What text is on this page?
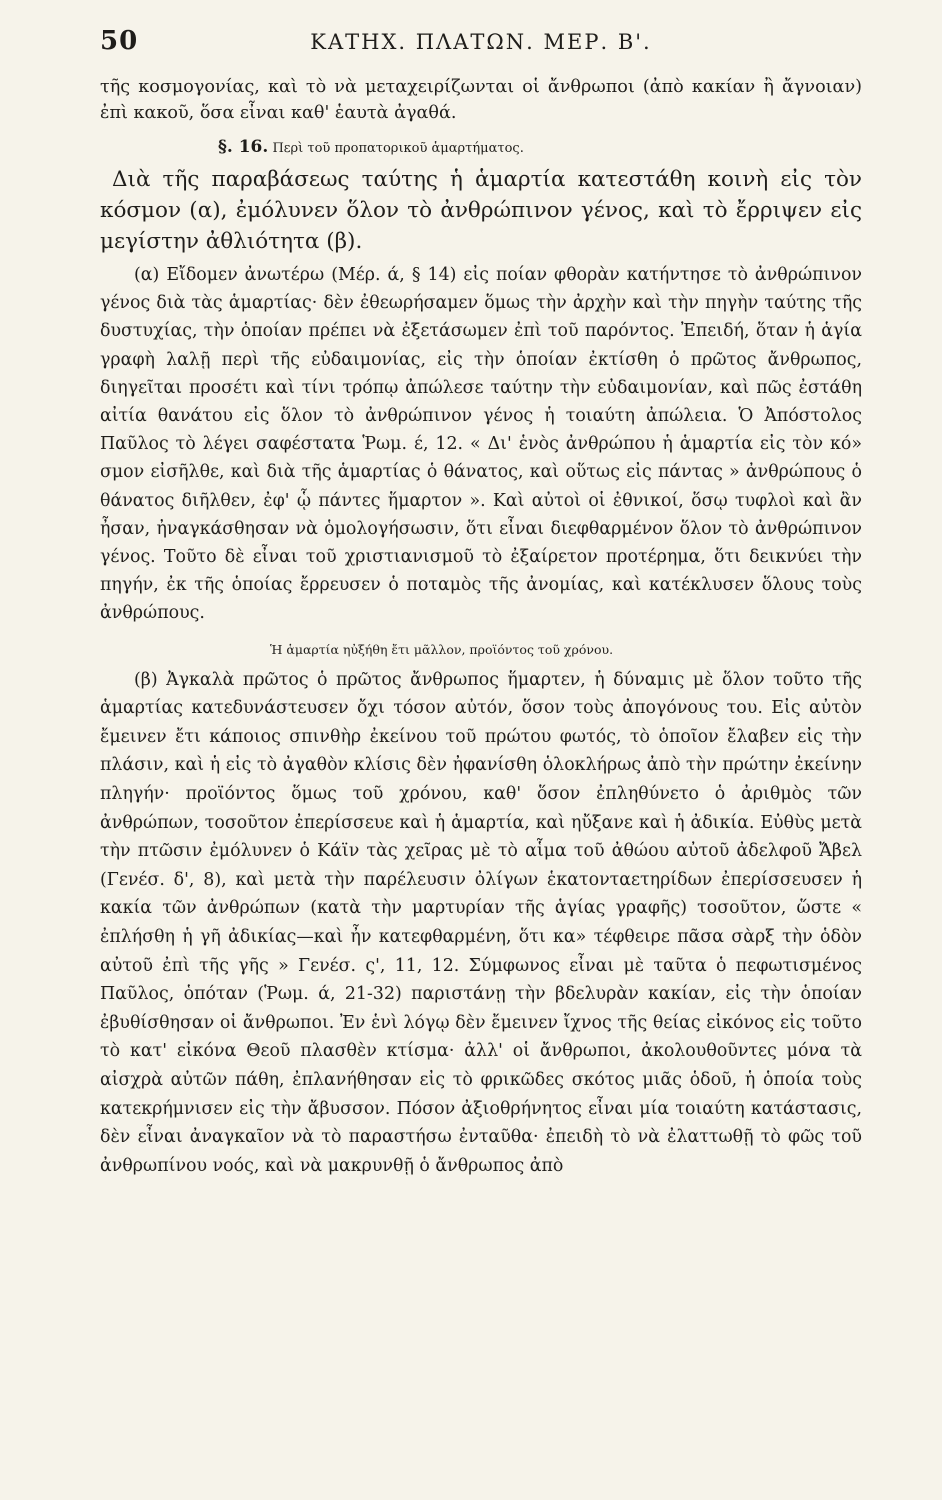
50	ΚΑΤΗΧ. ΠΛΑΤΩΝ. ΜΕΡ. Β'.

τῆς κοσμογονίας, καὶ τὸ νὰ μεταχειρίζωνται οἱ ἄνθρωποι (ἀπὸ κακίαν ἢ ἄγνοιαν) ἐπὶ κακοῦ, ὅσα εἶναι καθ' ἑαυτὰ ἀγαθά.

§. 16. Περὶ τοῦ προπατορικοῦ ἁμαρτήματος.

Διὰ τῆς παραβάσεως ταύτης ἡ ἁμαρτία κατεστάθη κοινὴ εἰς τὸν κόσμον (α), ἐμόλυνεν ὅλον τὸ ἀνθρώπινον γένος, καὶ τὸ ἔρριψεν εἰς μεγίστην ἀθλιότητα (β).

(α) Εἴδομεν ἀνωτέρω (Μέρ. ά, § 14) εἰς ποίαν φθορὰν κατήντησε τὸ ἀνθρώπινον γένος διὰ τὰς ἁμαρτίας· δὲν ἐθεωρήσαμεν ὅμως τὴν ἀρχὴν καὶ τὴν πηγὴν ταύτης τῆς δυστυχίας, τὴν ὁποίαν πρέπει νὰ ἐξετάσωμεν ἐπὶ τοῦ παρόντος. Ἐπειδή, ὅταν ἡ ἁγία γραφὴ λαλῇ περὶ τῆς εὐδαιμονίας, εἰς τὴν ὁποίαν ἐκτίσθη ὁ πρῶτος ἄνθρωπος, διηγεῖται προσέτι καὶ τίνι τρόπῳ ἀπώλεσε ταύτην τὴν εὐδαιμονίαν, καὶ πῶς ἐστάθη αἰτία θανάτου εἰς ὅλον τὸ ἀνθρώπινον γένος ἡ τοιαύτη ἀπώλεια. Ὁ Ἀπόστολος Παῦλος τὸ λέγει σαφέστατα Ῥωμ. έ, 12. « Δι' ἑνὸς ἀνθρώπου ἡ ἁμαρτία εἰς τὸν κό» σμον εἰσῆλθε, καὶ διὰ τῆς ἁμαρτίας ὁ θάνατος, καὶ οὕτως εἰς πάντας » ἀνθρώπους ὁ θάνατος διῆλθεν, ἐφ' ᾧ πάντες ἥμαρτον ». Καὶ αὐτοὶ οἱ ἐθνικοί, ὅσῳ τυφλοὶ καὶ ἂν ἦσαν, ἠναγκάσθησαν νὰ ὁμολογήσωσιν, ὅτι εἶναι διεφθαρμένον ὅλον τὸ ἀνθρώπινον γένος. Τοῦτο δὲ εἶναι τοῦ χριστιανισμοῦ τὸ ἐξαίρετον προτέρημα, ὅτι δεικνύει τὴν πηγήν, ἐκ τῆς ὁποίας ἔρρευσεν ὁ ποταμὸς τῆς ἀνομίας, καὶ κατέκλυσεν ὅλους τοὺς ἀνθρώπους.

Ἡ ἁμαρτία ηὐξήθη ἔτι μᾶλλον, προϊόντος τοῦ χρόνου.

(β) Ἀγκαλὰ πρῶτος ὁ πρῶτος ἄνθρωπος ἥμαρτεν, ἡ δύναμις μὲ ὅλον τοῦτο τῆς ἁμαρτίας κατεδυνάστευσεν ὄχι τόσον αὐτόν, ὅσον τοὺς ἀπογόνους του. Εἰς αὐτὸν ἔμεινεν ἔτι κάποιος σπινθὴρ ἐκείνου τοῦ πρώτου φωτός, τὸ ὁποῖον ἔλαβεν εἰς τὴν πλάσιν, καὶ ἡ εἰς τὸ ἀγαθὸν κλίσις δὲν ἠφανίσθη ὁλοκλήρως ἀπὸ τὴν πρώτην ἐκείνην πληγήν· προϊόντος ὅμως τοῦ χρόνου, καθ' ὅσον ἐπληθύνετο ὁ ἀριθμὸς τῶν ἀνθρώπων, τοσοῦτον ἐπερίσσευε καὶ ἡ ἁμαρτία, καὶ ηὔξανε καὶ ἡ ἀδικία. Εὐθὺς μετὰ τὴν πτῶσιν ἐμόλυνεν ὁ Κάϊν τὰς χεῖρας μὲ τὸ αἷμα τοῦ ἀθώου αὐτοῦ ἀδελφοῦ Ἄβελ (Γενέσ. δ', 8), καὶ μετὰ τὴν παρέλευσιν ὀλίγων ἑκατονταετηρίδων ἐπερίσσευσεν ἡ κακία τῶν ἀνθρώπων (κατὰ τὴν μαρτυρίαν τῆς ἁγίας γραφῆς) τοσοῦτον, ὥστε « ἐπλήσθη ἡ γῆ ἀδικίας—καὶ ἦν κατεφθαρμένη, ὅτι κα» τέφθειρε πᾶσα σὰρξ τὴν ὁδὸν αὐτοῦ ἐπὶ τῆς γῆς » Γενέσ. ς', 11, 12. Σύμφωνος εἶναι μὲ ταῦτα ὁ πεφωτισμένος Παῦλος, ὁπόταν (Ῥωμ. ά, 21-32) παριστάνῃ τὴν βδελυρὰν κακίαν, εἰς τὴν ὁποίαν ἐβυθίσθησαν οἱ ἄνθρωποι. Ἐν ἑνὶ λόγῳ δὲν ἔμεινεν ἴχνος τῆς θείας εἰκόνος εἰς τοῦτο τὸ κατ' εἰκόνα Θεοῦ πλασθὲν κτίσμα· ἀλλ' οἱ ἄνθρωποι, ἀκολουθοῦντες μόνα τὰ αἰσχρὰ αὐτῶν πάθη, ἐπλανήθησαν εἰς τὸ φρικῶδες σκότος μιᾶς ὁδοῦ, ἡ ὁποία τοὺς κατεκρήμνισεν εἰς τὴν ἄβυσσον. Πόσον ἀξιοθρήνητος εἶναι μία τοιαύτη κατάστασις, δὲν εἶναι ἀναγκαῖον νὰ τὸ παραστήσω ἐνταῦθα· ἐπειδὴ τὸ νὰ ἐλαττωθῇ τὸ φῶς τοῦ ἀνθρωπίνου νοός, καὶ νὰ μακρυνθῇ ὁ ἄνθρωπος ἀπὸ
